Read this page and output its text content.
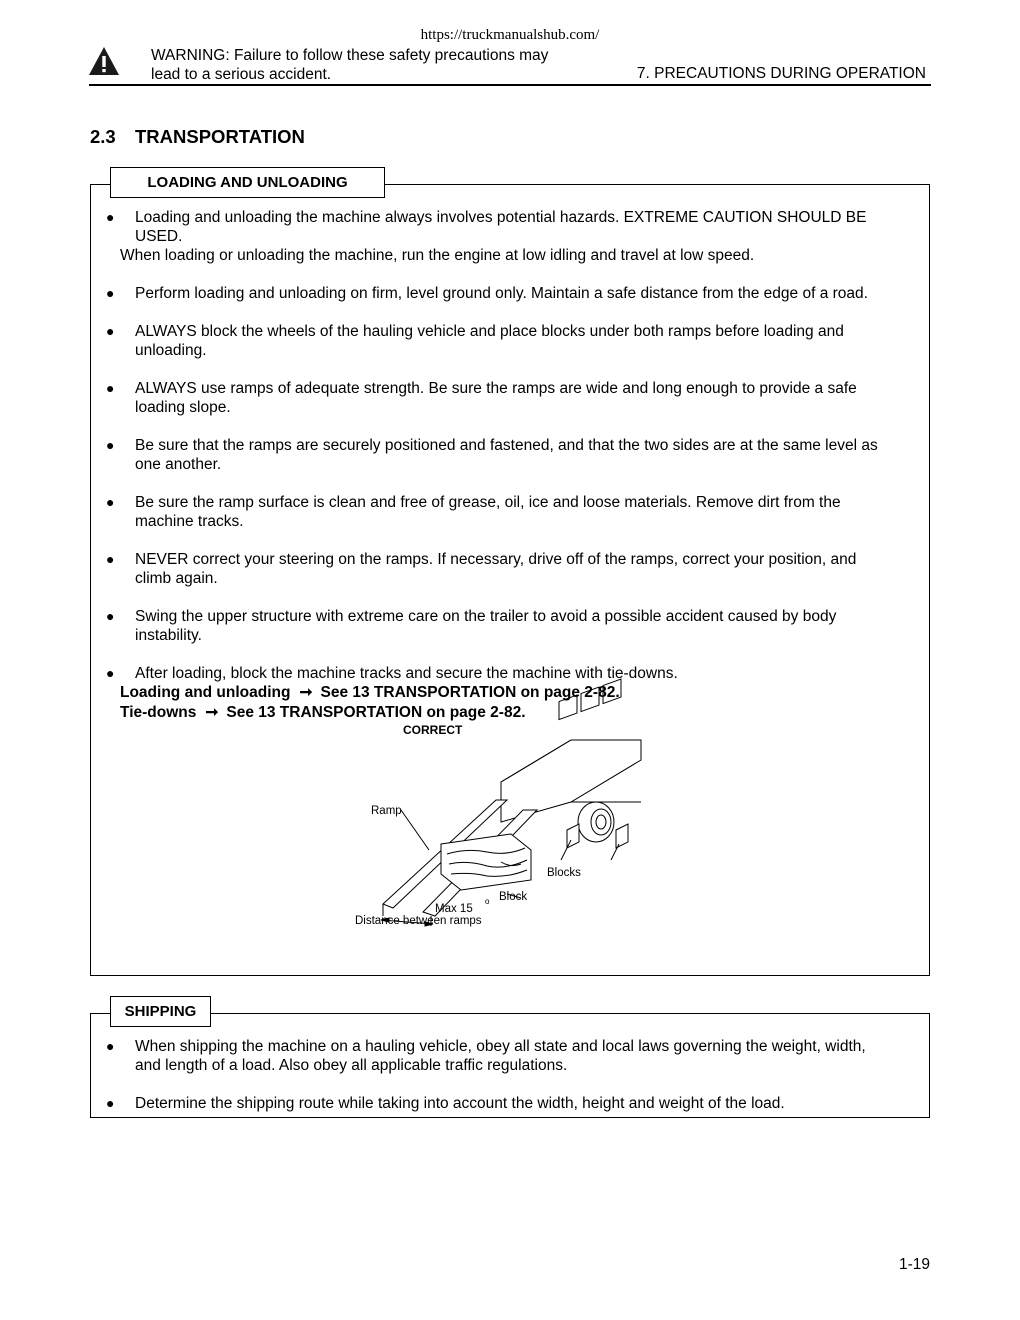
https://truckmanualshub.com/
WARNING: Failure to follow these safety precautions may
lead to a serious accident.	7. PRECAUTIONS DURING OPERATION
2.3 TRANSPORTATION
LOADING AND UNLOADING
● Loading and unloading the machine always involves potential hazards. EXTREME CAUTION SHOULD BE
USED.
When loading or unloading the machine, run the engine at low idling and travel at low speed.
● Perform loading and unloading on firm, level ground only. Maintain a safe distance from the edge of a road.
● ALWAYS block the wheels of the hauling vehicle and place blocks under both ramps before loading and
unloading.
● ALWAYS use ramps of adequate strength. Be sure the ramps are wide and long enough to provide a safe
loading slope.
● Be sure that the ramps are securely positioned and fastened, and that the two sides are at the same level as
one another.
● Be sure the ramp surface is clean and free of grease, oil, ice and loose materials. Remove dirt from the
machine tracks.
● NEVER correct your steering on the ramps. If necessary, drive off of the ramps, correct your position, and
climb again.
● Swing the upper structure with extreme care on the trailer to avoid a possible accident caused by body
instability.
● After loading, block the machine tracks and secure the machine with tie-downs.
Loading and unloading ➞ See 13 TRANSPORTATION on page 2-82.
Tie-downs ➞ See 13 TRANSPORTATION on page 2-82.
CORRECT
Ramp
Blocks
Block
Max 15
o
Distance between ramps
SHIPPING
● When shipping the machine on a hauling vehicle, obey all state and local laws governing the weight, width,
and length of a load. Also obey all applicable traffic regulations.
● Determine the shipping route while taking into account the width, height and weight of the load.
1-19
